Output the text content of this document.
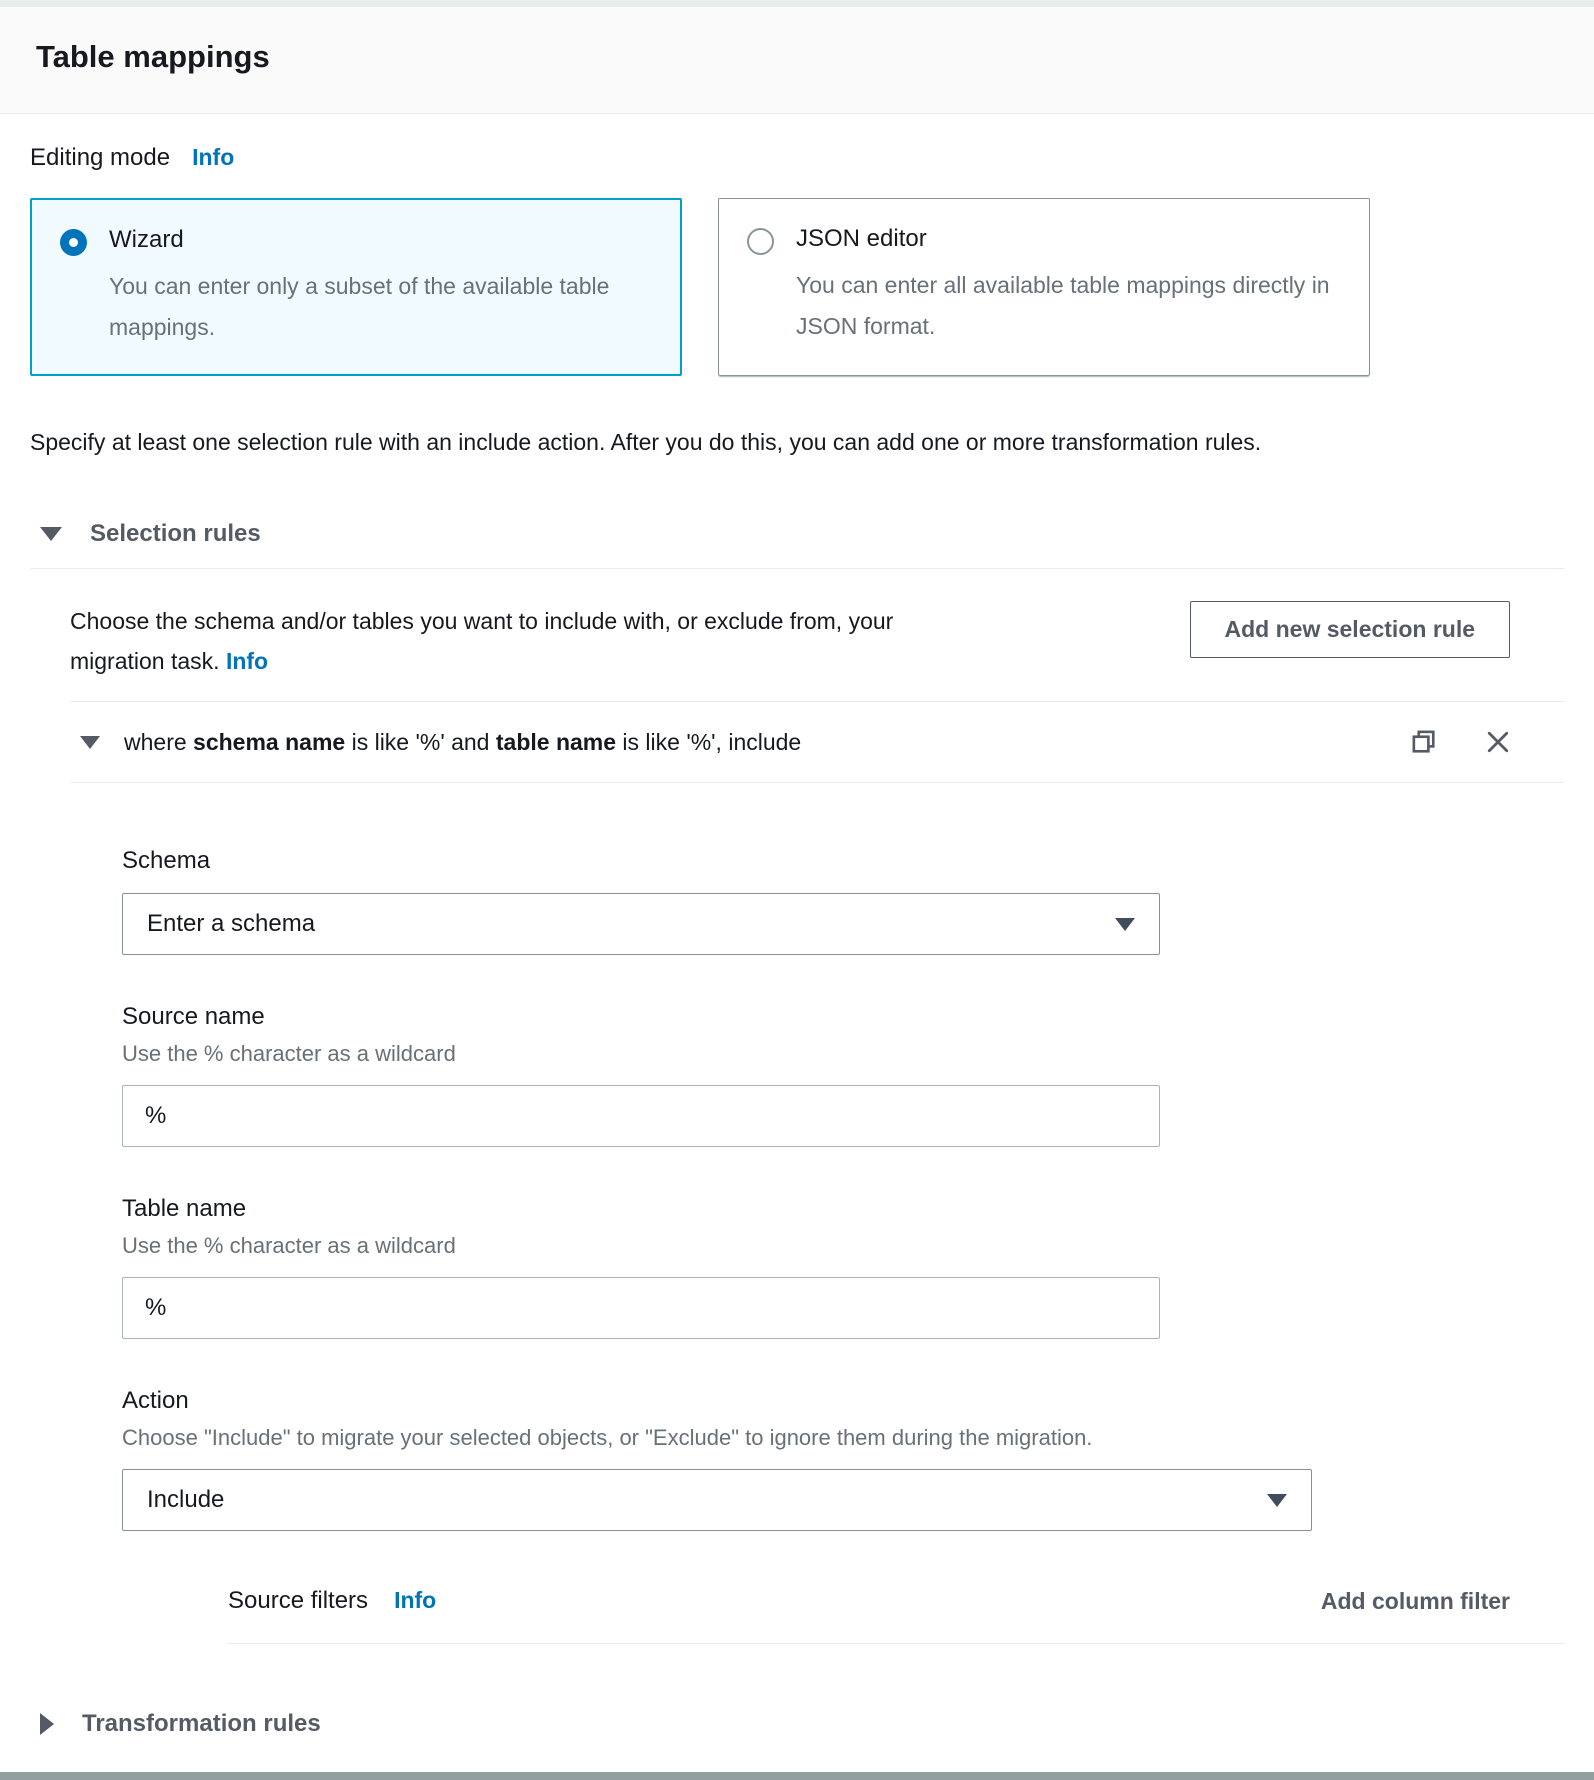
Table mappings
Editing mode Info
Wizard
You can enter only a subset of the available table mappings.
JSON editor
You can enter all available table mappings directly in JSON format.

Specify at least one selection rule with an include action. After you do this, you can add one or more transformation rules.

Selection rules
Choose the schema and/or tables you want to include with, or exclude from, your migration task. Info
Add new selection rule
where schema name is like '%' and table name is like '%', include
Schema
Enter a schema
Source name
Use the % character as a wildcard
%
Table name
Use the % character as a wildcard
%
Action
Choose "Include" to migrate your selected objects, or "Exclude" to ignore them during the migration.
Include
Source filters Info	Add column filter
Transformation rules
